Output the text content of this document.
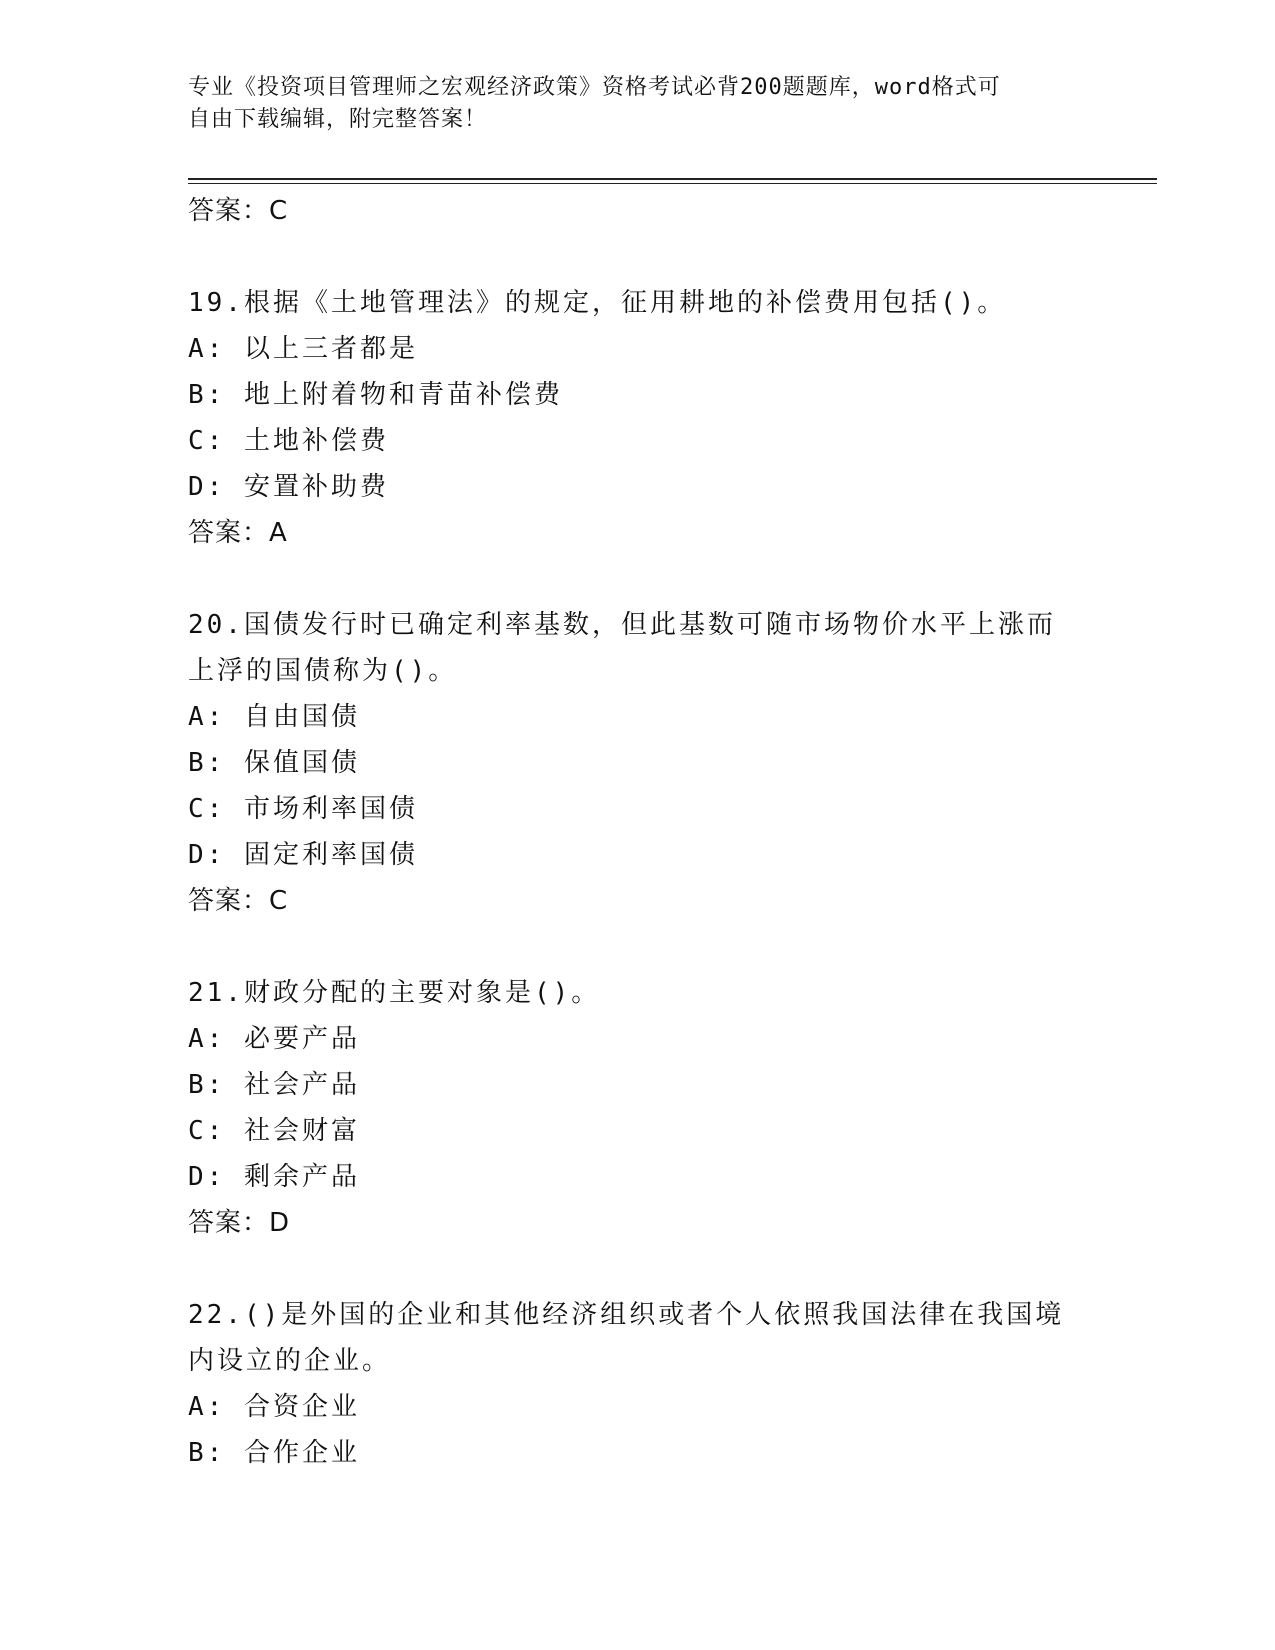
专业《投资项目管理师之宏观经济政策》资格考试必背200题题库，word格式可
自由下载编辑，附完整答案！
答案：C
19.根据《土地管理法》的规定，征用耕地的补偿费用包括()。
A: 以上三者都是
B: 地上附着物和青苗补偿费
C: 土地补偿费
D: 安置补助费
答案：A
20.国债发行时已确定利率基数，但此基数可随市场物价水平上涨而上浮的国债称为()。
A: 自由国债
B: 保值国债
C: 市场利率国债
D: 固定利率国债
答案：C
21.财政分配的主要对象是()。
A: 必要产品
B: 社会产品
C: 社会财富
D: 剩余产品
答案：D
22.()是外国的企业和其他经济组织或者个人依照我国法律在我国境内设立的企业。
A: 合资企业
B: 合作企业
